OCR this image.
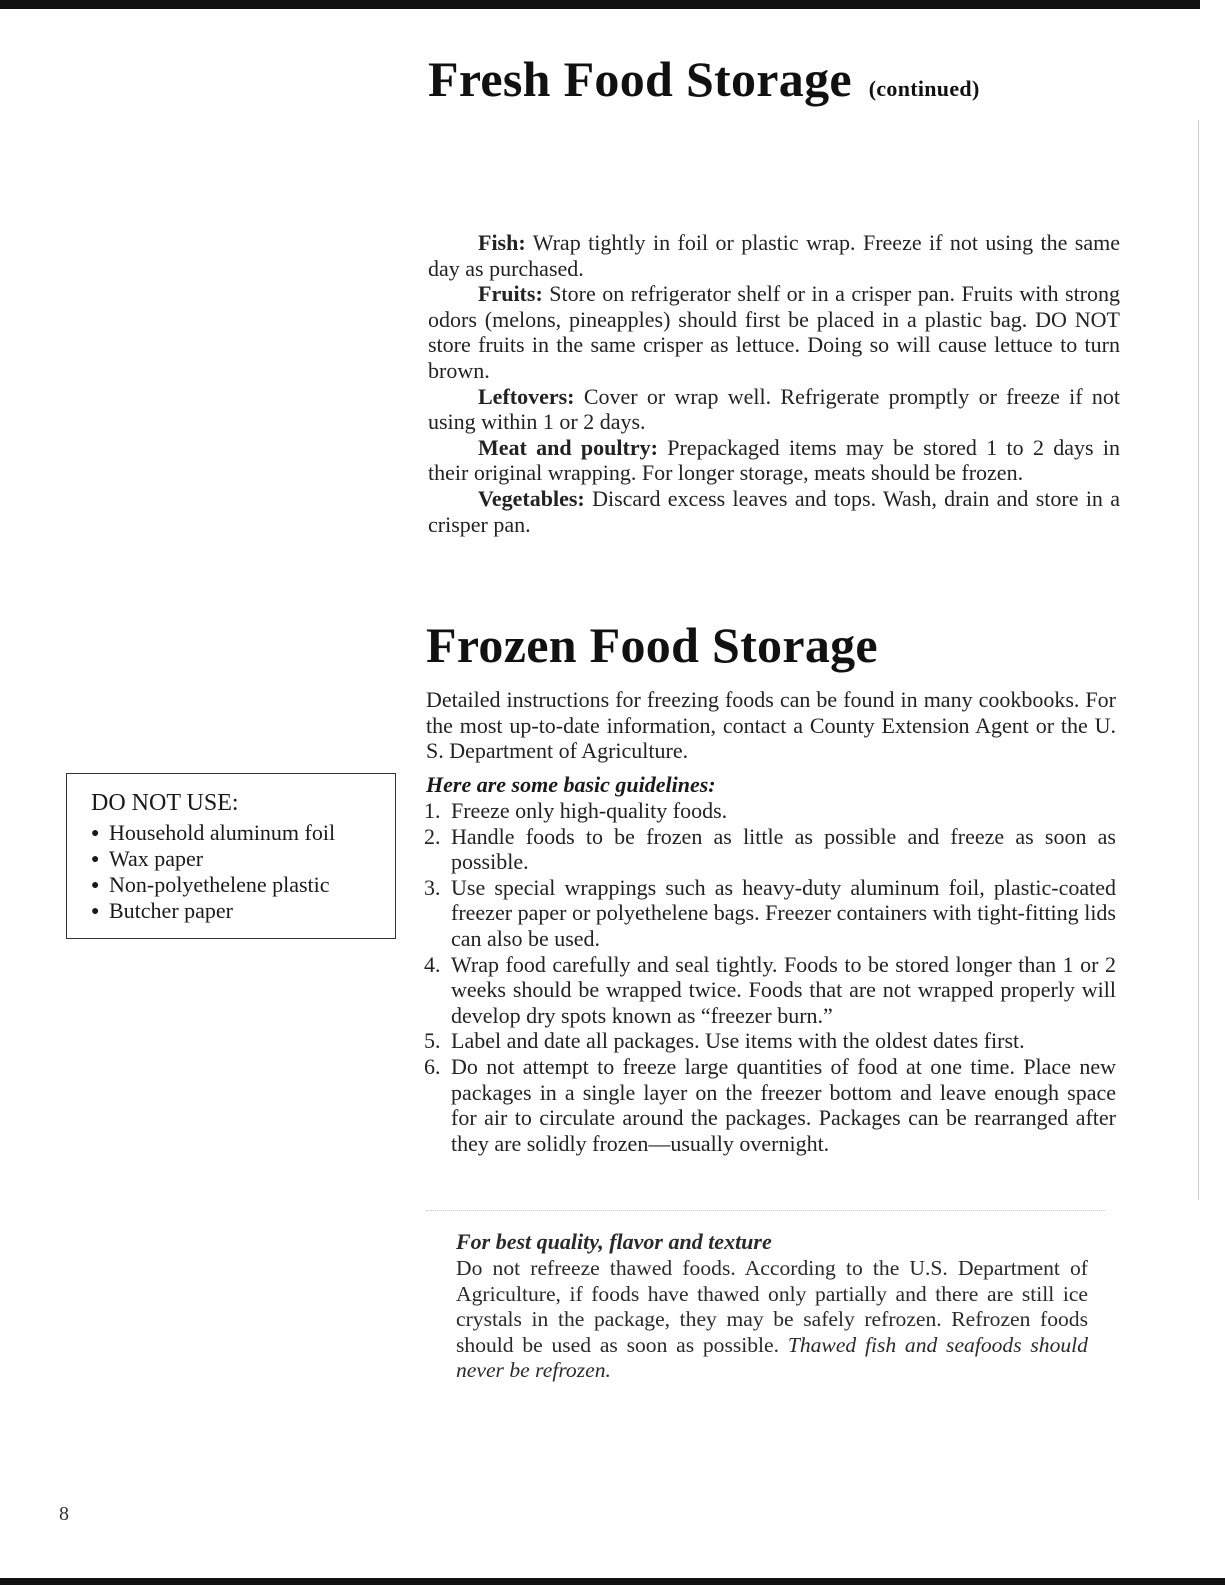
Fresh Food Storage (continued)

Fish: Wrap tightly in foil or plastic wrap. Freeze if not using the same day as purchased.

Fruits: Store on refrigerator shelf or in a crisper pan. Fruits with strong odors (melons, pineapples) should first be placed in a plastic bag. DO NOT store fruits in the same crisper as lettuce. Doing so will cause lettuce to turn brown.

Leftovers: Cover or wrap well. Refrigerate promptly or freeze if not using within 1 or 2 days.

Meat and poultry: Prepackaged items may be stored 1 to 2 days in their original wrapping. For longer storage, meats should be frozen.

Vegetables: Discard excess leaves and tops. Wash, drain and store in a crisper pan.

Frozen Food Storage

Detailed instructions for freezing foods can be found in many cookbooks. For the most up-to-date information, contact a County Extension Agent or the U. S. Department of Agriculture.

Here are some basic guidelines:

1. Freeze only high-quality foods.
2. Handle foods to be frozen as little as possible and freeze as soon as possible.
3. Use special wrappings such as heavy-duty aluminum foil, plastic-coated freezer paper or polyethelene bags. Freezer containers with tight-fitting lids can also be used.
4. Wrap food carefully and seal tightly. Foods to be stored longer than 1 or 2 weeks should be wrapped twice. Foods that are not wrapped properly will develop dry spots known as “freezer burn.”
5. Label and date all packages. Use items with the oldest dates first.
6. Do not attempt to freeze large quantities of food at one time. Place new packages in a single layer on the freezer bottom and leave enough space for air to circulate around the packages. Packages can be rearranged after they are solidly frozen—usually overnight.

DO NOT USE:

● Household aluminum foil
● Wax paper
● Non-polyethelene plastic
● Butcher paper

For best quality, flavor and texture

Do not refreeze thawed foods. According to the U.S. Department of Agriculture, if foods have thawed only partially and there are still ice crystals in the package, they may be safely refrozen. Refrozen foods should be used as soon as possible. Thawed fish and seafoods should never be refrozen.

8
